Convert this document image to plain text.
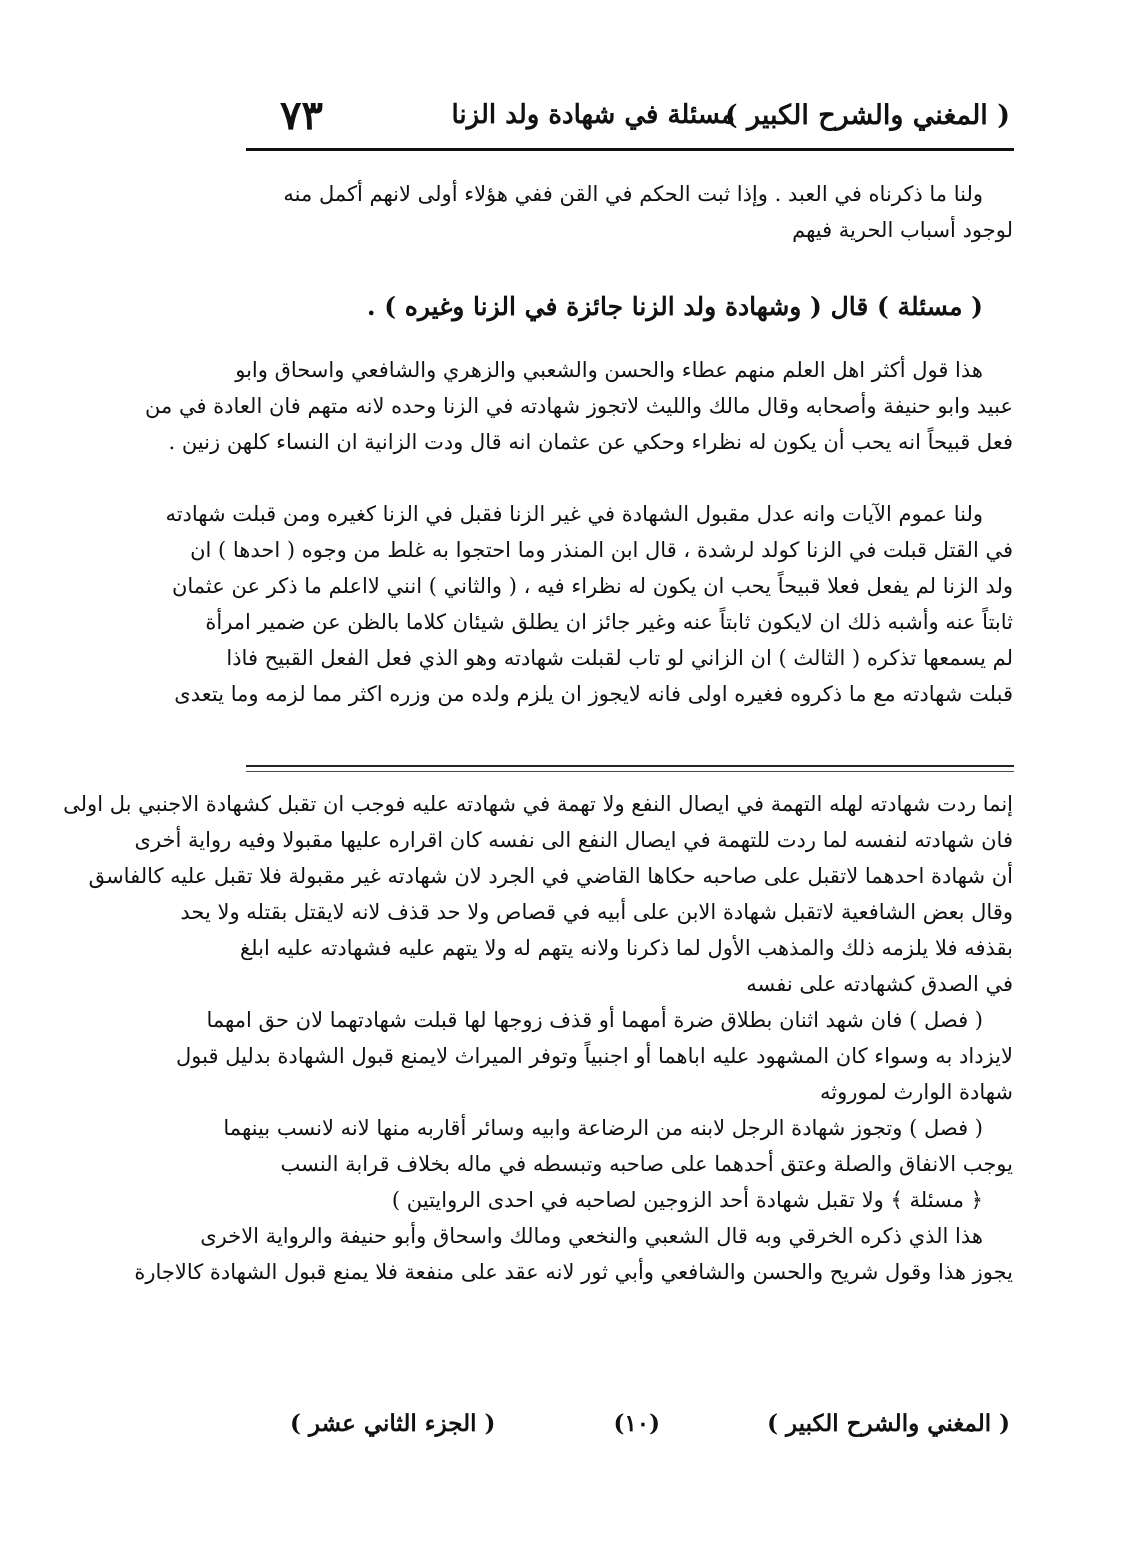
( المغني والشرح الكبير )
مسئلة في شهادة ولد الزنا
٧٣
ولنا ما ذكرناه في العبد . وإذا ثبت الحكم في القن ففي هؤلاء أولى لانهم أكمل منه
لوجود أسباب الحرية فيهم
( مسئلة ) قال ( وشهادة ولد الزنا جائزة في الزنا وغيره ) .
هذا قول أكثر اهل العلم منهم عطاء والحسن والشعبي والزهري والشافعي واسحاق وابو
عبيد وابو حنيفة وأصحابه وقال مالك والليث لاتجوز شهادته في الزنا وحده لانه متهم فان العادة في من
فعل قبيحاً انه يحب أن يكون له نظراء وحكي عن عثمان انه قال ودت الزانية ان النساء كلهن زنين .
ولنا عموم الآيات وانه عدل مقبول الشهادة في غير الزنا فقبل في الزنا كغيره ومن قبلت شهادته
في القتل قبلت في الزنا كولد لرشدة ، قال ابن المنذر وما احتجوا به غلط من وجوه ( احدها ) ان
ولد الزنا لم يفعل فعلا قبيحاً يحب ان يكون له نظراء فيه ، ( والثاني ) انني لااعلم ما ذكر عن عثمان
ثابتاً عنه وأشبه ذلك ان لايكون ثابتاً عنه وغير جائز ان يطلق شيئان كلاما بالظن عن ضمير امرأة
لم يسمعها تذكره ( الثالث ) ان الزاني لو تاب لقبلت شهادته وهو الذي فعل الفعل القبيح فاذا
قبلت شهادته مع ما ذكروه فغيره اولى فانه لايجوز ان يلزم ولده من وزره اكثر مما لزمه وما يتعدى
إنما ردت شهادته لهله التهمة في ايصال النفع ولا تهمة في شهادته عليه فوجب ان تقبل كشهادة الاجنبي بل اولى
فان شهادته لنفسه لما ردت للتهمة في ايصال النفع الى نفسه كان اقراره عليها مقبولا وفيه رواية أخرى
أن شهادة احدهما لاتقبل على صاحبه حكاها القاضي في الجرد لان شهادته غير مقبولة فلا تقبل عليه كالفاسق
وقال بعض الشافعية لاتقبل شهادة الابن على أبيه في قصاص ولا حد قذف لانه لايقتل بقتله ولا يحد
بقذفه فلا يلزمه ذلك والمذهب الأول لما ذكرنا ولانه يتهم له ولا يتهم عليه فشهادته عليه ابلغ
في الصدق كشهادته على نفسه
( فصل ) فان شهد اثنان بطلاق ضرة أمهما أو قذف زوجها لها قبلت شهادتهما لان حق امهما
لايزداد به وسواء كان المشهود عليه اباهما أو اجنبياً وتوفر الميراث لايمنع قبول الشهادة بدليل قبول
شهادة الوارث لموروثه
( فصل ) وتجوز شهادة الرجل لابنه من الرضاعة وابيه وسائر أقاربه منها لانه لانسب بينهما
يوجب الانفاق والصلة وعتق أحدهما على صاحبه وتبسطه في ماله بخلاف قرابة النسب
﴿ مسئلة ﴾ ولا تقبل شهادة أحد الزوجين لصاحبه في احدى الروايتين )
هذا الذي ذكره الخرقي وبه قال الشعبي والنخعي ومالك واسحاق وأبو حنيفة والرواية الاخرى
يجوز هذا وقول شريح والحسن والشافعي وأبي ثور لانه عقد على منفعة فلا يمنع قبول الشهادة كالاجارة
( المغني والشرح الكبير )
(١٠)
( الجزء الثاني عشر )
